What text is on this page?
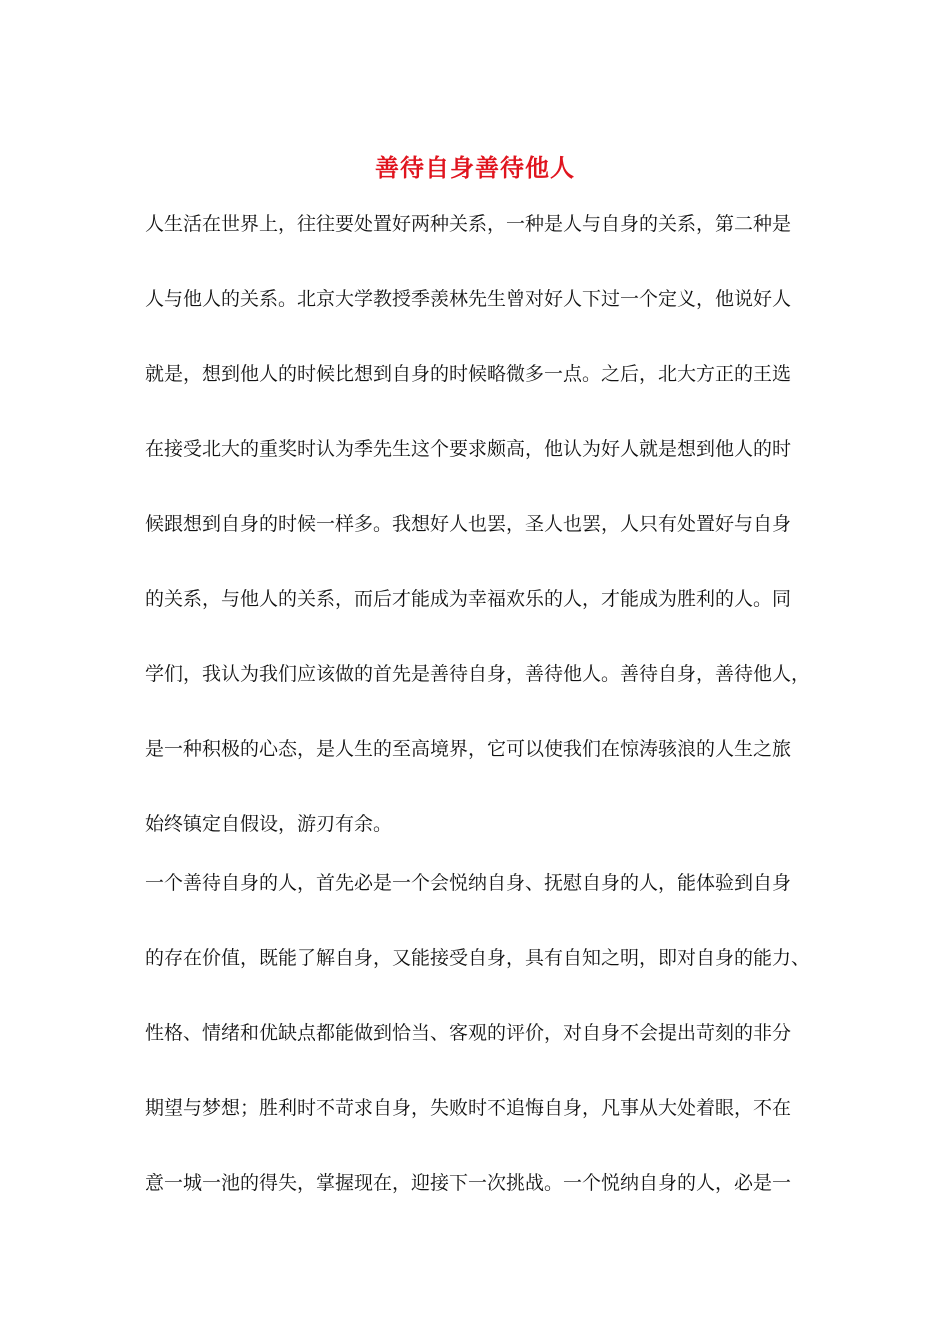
善待自身善待他人
人生活在世界上，往往要处置好两种关系，一种是人与自身的关系，第二种是
人与他人的关系。北京大学教授季羡林先生曾对好人下过一个定义，他说好人
就是，想到他人的时候比想到自身的时候略微多一点。之后，北大方正的王选
在接受北大的重奖时认为季先生这个要求颇高，他认为好人就是想到他人的时
候跟想到自身的时候一样多。我想好人也罢，圣人也罢，人只有处置好与自身
的关系，与他人的关系，而后才能成为幸福欢乐的人，才能成为胜利的人。同
学们，我认为我们应该做的首先是善待自身，善待他人。善待自身，善待他人，
是一种积极的心态，是人生的至高境界，它可以使我们在惊涛骇浪的人生之旅
始终镇定自假设，游刃有余。
一个善待自身的人，首先必是一个会悦纳自身、抚慰自身的人，能体验到自身
的存在价值，既能了解自身，又能接受自身，具有自知之明，即对自身的能力、
性格、情绪和优缺点都能做到恰当、客观的评价，对自身不会提出苛刻的非分
期望与梦想；胜利时不苛求自身，失败时不追悔自身，凡事从大处着眼，不在
意一城一池的得失，掌握现在，迎接下一次挑战。一个悦纳自身的人，必是一
